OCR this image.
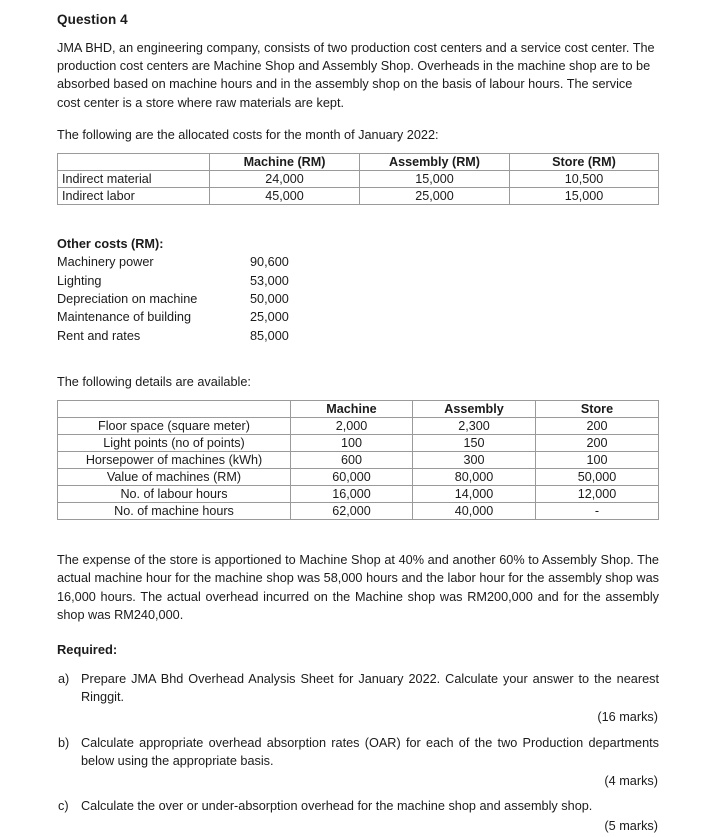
Question 4

JMA BHD, an engineering company, consists of two production cost centers and a service cost center. The production cost centers are Machine Shop and Assembly Shop. Overheads in the machine shop are to be absorbed based on machine hours and in the assembly shop on the basis of labour hours. The service cost center is a store where raw materials are kept.

The following are the allocated costs for the month of January 2022:

	Machine (RM)	Assembly (RM)	Store (RM)
Indirect material	24,000	15,000	10,500
Indirect labor	45,000	25,000	15,000
Other costs (RM):
Machinery power	90,600
Lighting	53,000
Depreciation on machine	50,000
Maintenance of building	25,000
Rent and rates	85,000

The following details are available:

	Machine	Assembly	Store
Floor space (square meter)	2,000	2,300	200
Light points (no of points)	100	150	200
Horsepower of machines (kWh)	600	300	100
Value of machines (RM)	60,000	80,000	50,000
No. of labour hours	16,000	14,000	12,000
No. of machine hours	62,000	40,000	-

The expense of the store is apportioned to Machine Shop at 40% and another 60% to Assembly Shop. The actual machine hour for the machine shop was 58,000 hours and the labor hour for the assembly shop was 16,000 hours. The actual overhead incurred on the Machine shop was RM200,000 and for the assembly shop was RM240,000.

Required:
a) Prepare JMA Bhd Overhead Analysis Sheet for January 2022. Calculate your answer to the nearest Ringgit.
(16 marks)
b) Calculate appropriate overhead absorption rates (OAR) for each of the two Production departments below using the appropriate basis.
(4 marks)
c) Calculate the over or under-absorption overhead for the machine shop and assembly shop.
(5 marks)
